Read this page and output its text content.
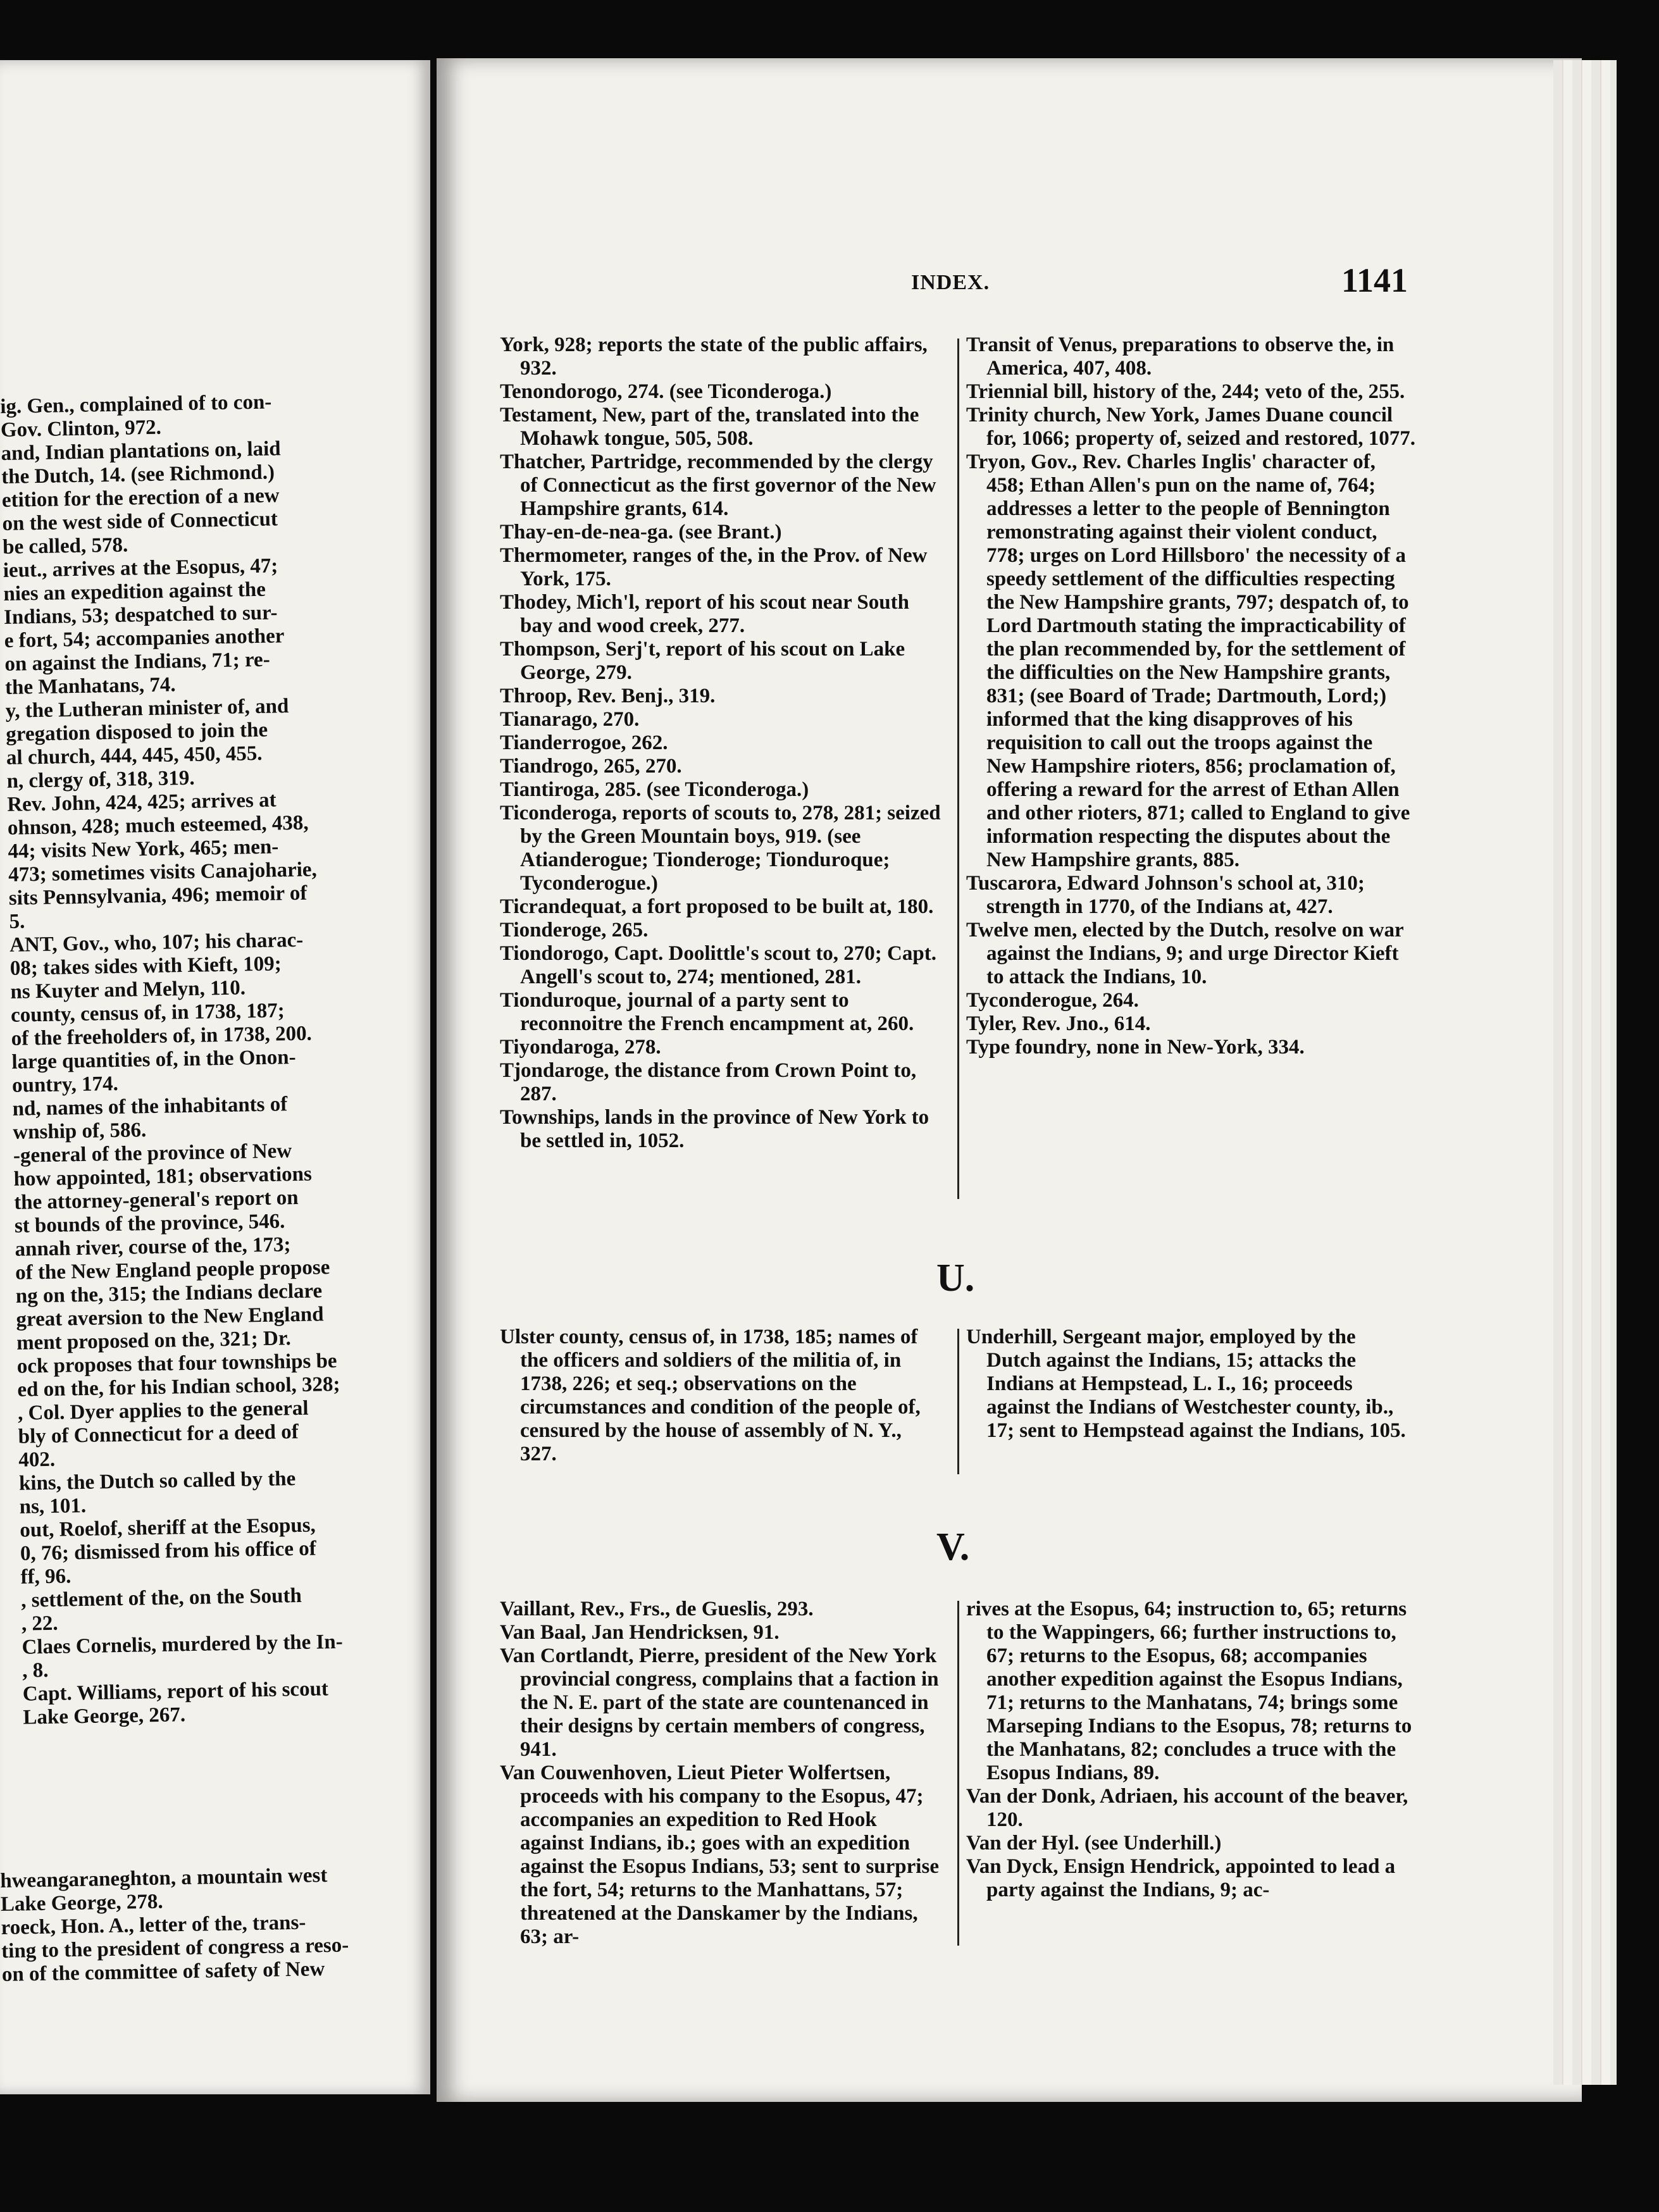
ig. Gen., complained of to con-

Gov. Clinton, 972.

and, Indian plantations on, laid

the Dutch, 14. (see Richmond.)

etition for the erection of a new

on the west side of Connecticut

be called, 578.

ieut., arrives at the Esopus, 47;

nies an expedition against the

Indians, 53; despatched to sur-

e fort, 54; accompanies another

on against the Indians, 71; re-

the Manhatans, 74.

y, the Lutheran minister of, and

gregation disposed to join the

al church, 444, 445, 450, 455.

n, clergy of, 318, 319.

Rev. John, 424, 425; arrives at

ohnson, 428; much esteemed, 438,

44; visits New York, 465; men-

473; sometimes visits Canajoharie,

sits Pennsylvania, 496; memoir of

5.

ANT, Gov., who, 107; his charac-

08; takes sides with Kieft, 109;

ns Kuyter and Melyn, 110.

county, census of, in 1738, 187;

of the freeholders of, in 1738, 200.

large quantities of, in the Onon-

ountry, 174.

nd, names of the inhabitants of

wnship of, 586.

-general of the province of New

how appointed, 181; observations

the attorney-general's report on

st bounds of the province, 546.

annah river, course of the, 173;

of the New England people propose

ng on the, 315; the Indians declare

great aversion to the New England

ment proposed on the, 321; Dr.

ock proposes that four townships be

ed on the, for his Indian school, 328;

, Col. Dyer applies to the general

bly of Connecticut for a deed of

402.

kins, the Dutch so called by the

ns, 101.

out, Roelof, sheriff at the Esopus,

0, 76; dismissed from his office of

ff, 96.

, settlement of the, on the South

, 22.

Claes Cornelis, murdered by the In-

, 8.

Capt. Williams, report of his scout

Lake George, 267.

hweangaraneghton, a mountain west

Lake George, 278.

roeck, Hon. A., letter of the, trans-

ting to the president of congress a reso-

on of the committee of safety of New

INDEX.	1141

York, 928; reports the state of the public affairs, 932.

Tenondorogo, 274. (see Ticonderoga.)

Testament, New, part of the, translated into the Mohawk tongue, 505, 508.

Thatcher, Partridge, recommended by the clergy of Connecticut as the first governor of the New Hampshire grants, 614.

Thay-en-de-nea-ga. (see Brant.)

Thermometer, ranges of the, in the Prov. of New York, 175.

Thodey, Mich'l, report of his scout near South bay and wood creek, 277.

Thompson, Serj't, report of his scout on Lake George, 279.

Throop, Rev. Benj., 319.

Tianarago, 270.

Tianderrogoe, 262.

Tiandrogo, 265, 270.

Tiantiroga, 285. (see Ticonderoga.)

Ticonderoga, reports of scouts to, 278, 281; seized by the Green Mountain boys, 919. (see Atianderogue; Tionderoge; Tionduroque; Tyconderogue.)

Ticrandequat, a fort proposed to be built at, 180.

Tionderoge, 265.

Tiondorogo, Capt. Doolittle's scout to, 270; Capt. Angell's scout to, 274; mentioned, 281.

Tionduroque, journal of a party sent to reconnoitre the French encampment at, 260.

Tiyondaroga, 278.

Tjondaroge, the distance from Crown Point to, 287.

Townships, lands in the province of New York to be settled in, 1052.

Transit of Venus, preparations to observe the, in America, 407, 408.

Triennial bill, history of the, 244; veto of the, 255.

Trinity church, New York, James Duane council for, 1066; property of, seized and restored, 1077.

Tryon, Gov., Rev. Charles Inglis' character of, 458; Ethan Allen's pun on the name of, 764; addresses a letter to the people of Bennington remonstrating against their violent conduct, 778; urges on Lord Hillsboro' the necessity of a speedy settlement of the difficulties respecting the New Hampshire grants, 797; despatch of, to Lord Dartmouth stating the impracticability of the plan recommended by, for the settlement of the difficulties on the New Hampshire grants, 831; (see Board of Trade; Dartmouth, Lord;) informed that the king disapproves of his requisition to call out the troops against the New Hampshire rioters, 856; proclamation of, offering a reward for the arrest of Ethan Allen and other rioters, 871; called to England to give information respecting the disputes about the New Hampshire grants, 885.

Tuscarora, Edward Johnson's school at, 310; strength in 1770, of the Indians at, 427.

Twelve men, elected by the Dutch, resolve on war against the Indians, 9; and urge Director Kieft to attack the Indians, 10.

Tyconderogue, 264.

Tyler, Rev. Jno., 614.

Type foundry, none in New-York, 334.

U.

Ulster county, census of, in 1738, 185; names of the officers and soldiers of the militia of, in 1738, 226; et seq.; observations on the circumstances and condition of the people of, censured by the house of assembly of N. Y., 327.

Underhill, Sergeant major, employed by the Dutch against the Indians, 15; attacks the Indians at Hempstead, L. I., 16; proceeds against the Indians of Westchester county, ib., 17; sent to Hempstead against the Indians, 105.

V.

Vaillant, Rev., Frs., de Gueslis, 293.

Van Baal, Jan Hendricksen, 91.

Van Cortlandt, Pierre, president of the New York provincial congress, complains that a faction in the N. E. part of the state are countenanced in their designs by certain members of congress, 941.

Van Couwenhoven, Lieut Pieter Wolfertsen, proceeds with his company to the Esopus, 47; accompanies an expedition to Red Hook against Indians, ib.; goes with an expedition against the Esopus Indians, 53; sent to surprise the fort, 54; returns to the Manhattans, 57; threatened at the Danskamer by the Indians, 63; ar-

rives at the Esopus, 64; instruction to, 65; returns to the Wappingers, 66; further instructions to, 67; returns to the Esopus, 68; accompanies another expedition against the Esopus Indians, 71; returns to the Manhatans, 74; brings some Marseping Indians to the Esopus, 78; returns to the Manhatans, 82; concludes a truce with the Esopus Indians, 89.

Van der Donk, Adriaen, his account of the beaver, 120.

Van der Hyl. (see Underhill.)

Van Dyck, Ensign Hendrick, appointed to lead a party against the Indians, 9; ac-
